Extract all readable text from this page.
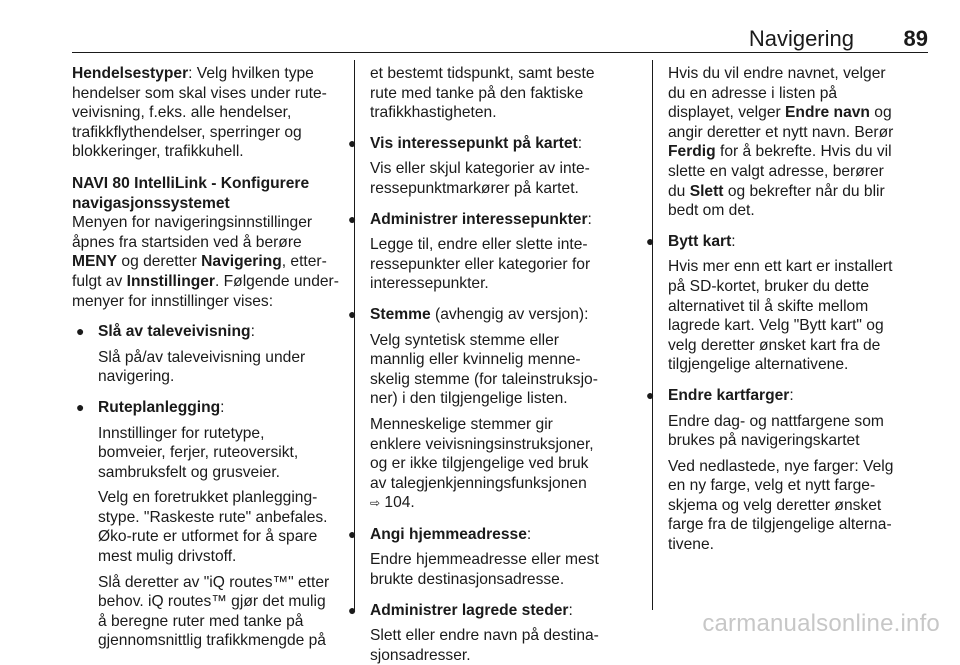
Navigering 89

Hendelsestyper: Velg hvilken type
hendelser som skal vises under rute-
veivisning, f.eks. alle hendelser,
trafikkflythendelser, sperringer og
blokkeringer, trafikkuhell.

NAVI 80 IntelliLink - Konfigurere
navigasjonssystemet

Menyen for navigeringsinnstillinger
åpnes fra startsiden ved å berøre
MENY og deretter Navigering, etter-
fulgt av Innstillinger. Følgende under-
menyer for innstillinger vises:

● Slå av taleveivisning:

Slå på/av taleveivisning under
navigering.

● Ruteplanlegging:

Innstillinger for rutetype,
bomveier, ferjer, ruteoversikt,
sambruksfelt og grusveier.

Velg en foretrukket planlegging-
stype. "Raskeste rute" anbefales.
Øko-rute er utformet for å spare
mest mulig drivstoff.

Slå deretter av "iQ routes™" etter
behov. iQ routes™ gjør det mulig
å beregne ruter med tanke på
gjennomsnittlig trafikkmengde på

et bestemt tidspunkt, samt beste
rute med tanke på den faktiske
trafikkhastigheten.

● Vis interessepunkt på kartet:

Vis eller skjul kategorier av inte-
ressepunktmarkører på kartet.

● Administrer interessepunkter:

Legge til, endre eller slette inte-
ressepunkter eller kategorier for
interessepunkter.

● Stemme (avhengig av versjon):

Velg syntetisk stemme eller
mannlig eller kvinnelig menne-
skelig stemme (for taleinstruksjo-
ner) i den tilgjengelige listen.

Menneskelige stemmer gir
enklere veivisningsinstruksjoner,
og er ikke tilgjengelige ved bruk
av talegjenkjenningsfunksjonen
⇨ 104.

● Angi hjemmeadresse:

Endre hjemmeadresse eller mest
brukte destinasjonsadresse.

● Administrer lagrede steder:

Slett eller endre navn på destina-
sjonsadresser.

Hvis du vil endre navnet, velger
du en adresse i listen på
displayet, velger Endre navn og
angir deretter et nytt navn. Berør
Ferdig for å bekrefte. Hvis du vil
slette en valgt adresse, berører
du Slett og bekrefter når du blir
bedt om det.

● Bytt kart:

Hvis mer enn ett kart er installert
på SD-kortet, bruker du dette
alternativet til å skifte mellom
lagrede kart. Velg "Bytt kart" og
velg deretter ønsket kart fra de
tilgjengelige alternativene.

● Endre kartfarger:

Endre dag- og nattfargene som
brukes på navigeringskartet

Ved nedlastede, nye farger: Velg
en ny farge, velg et nytt farge-
skjema og velg deretter ønsket
farge fra de tilgjengelige alterna-
tivene.

carmanualsonline.info
